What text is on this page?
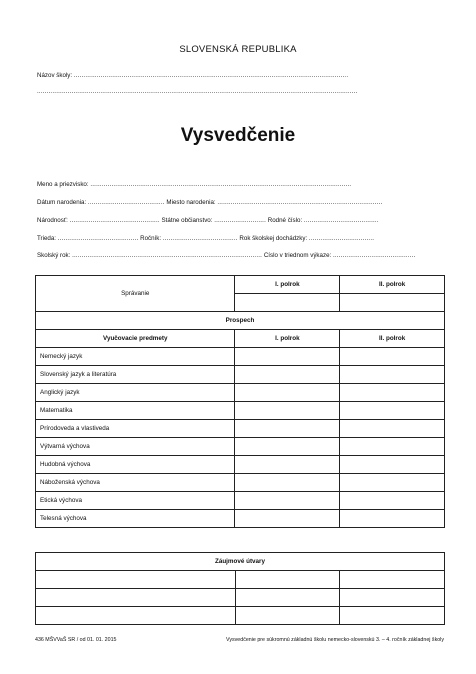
SLOVENSKÁ REPUBLIKA
Názov školy: ...............................................................................................................................................
.......................................................................................................................................................................
Vysvedčenie
Meno a priezvisko: ........................................................................................................................................
Dátum narodenia: ........................................ Miesto narodenia: ......................................................................................
Národnosť: ............................................... Štátne občianstvo: ........................... Rodné číslo: .......................................
Trieda: .......................................... Ročník: ....................................... Rok školskej dochádzky: ..................................
Školský rok: ................................................................................................... Číslo v triednom výkaze: ...........................................
Správanie	I. polrok	II. polrok

Prospech		
Vyučovacie predmety	I. polrok	II. polrok
Nemecký jazyk		
Slovenský jazyk a literatúra		
Anglický jazyk		
Matematika		
Prírodoveda a vlastiveda		
Výtvarná výchova		
Hudobná výchova		
Náboženská výchova		
Etická výchova		
Telesná výchova		
Záujmové útvary		

436 MŠVVaŠ SR / od 01. 01. 2015	Vysvedčenie pre súkromnú základnú školu nemecko-slovenskú 3. – 4. ročník základnej školy
